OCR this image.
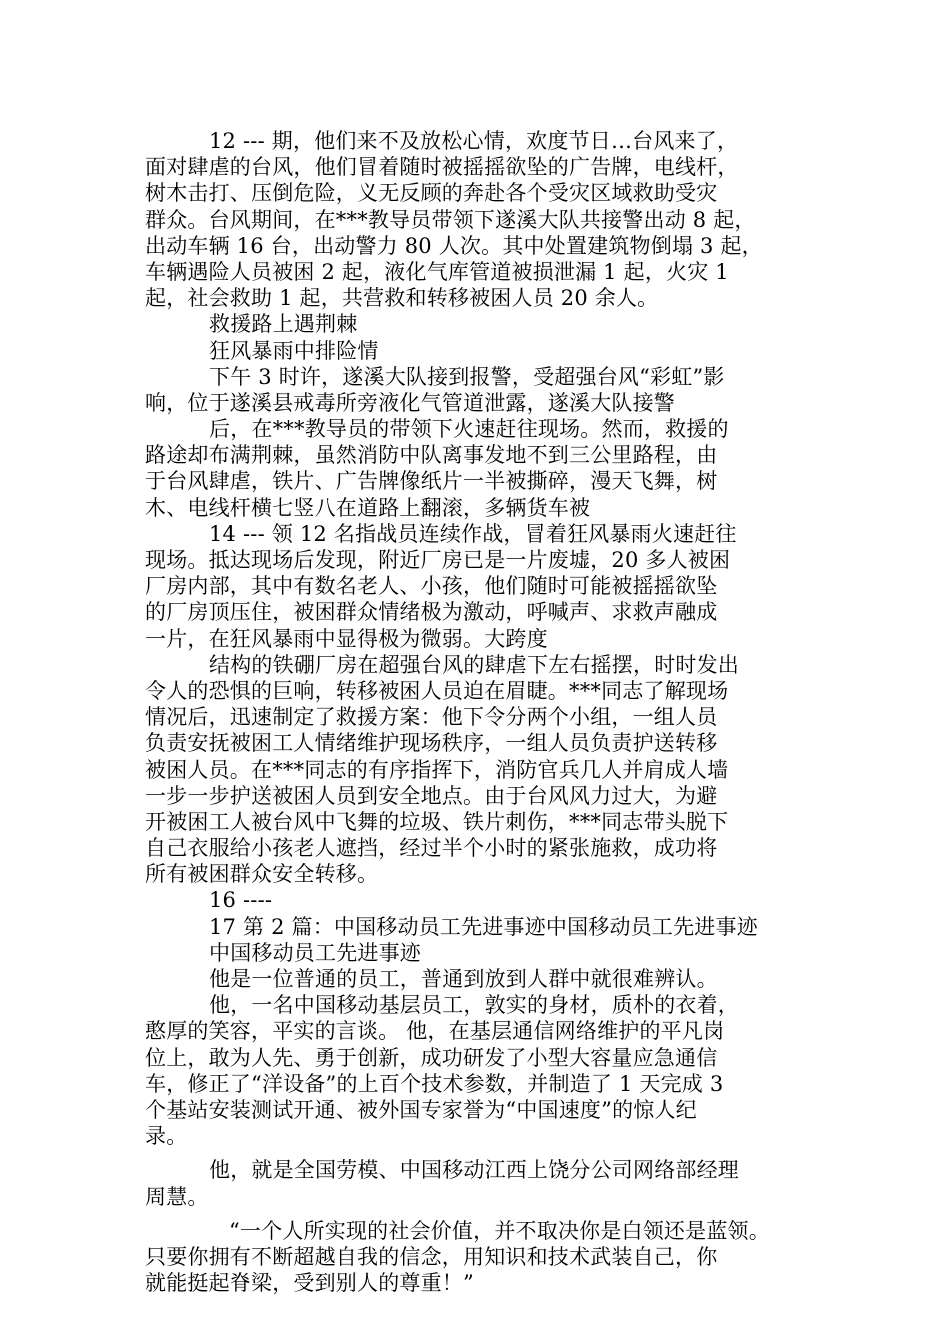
12 --- 期，他们来不及放松心情，欢度节日…台风来了，
面对肆虐的台风，他们冒着随时被摇摇欲坠的广告牌，电线杆，
树木击打、压倒危险，义无反顾的奔赴各个受灾区域救助受灾
群众。台风期间，在***教导员带领下遂溪大队共接警出动 8 起，
出动车辆 16 台，出动警力 80 人次。其中处置建筑物倒塌 3 起，
车辆遇险人员被困 2 起，液化气库管道被损泄漏 1 起，火灾 1
起，社会救助 1 起，共营救和转移被困人员 20 余人。
救援路上遇荆棘
狂风暴雨中排险情
下午 3 时许，遂溪大队接到报警，受超强台风“彩虹”影
响，位于遂溪县戒毒所旁液化气管道泄露，遂溪大队接警
后，在***教导员的带领下火速赶往现场。然而，救援的
路途却布满荆棘，虽然消防中队离事发地不到三公里路程，由
于台风肆虐，铁片、广告牌像纸片一半被撕碎，漫天飞舞，树
木、电线杆横七竖八在道路上翻滚，多辆货车被
14 --- 领 12 名指战员连续作战，冒着狂风暴雨火速赶往
现场。抵达现场后发现，附近厂房已是一片废墟，20 多人被困
厂房内部，其中有数名老人、小孩，他们随时可能被摇摇欲坠
的厂房顶压住，被困群众情绪极为激动，呼喊声、求救声融成
一片，在狂风暴雨中显得极为微弱。大跨度
结构的铁硼厂房在超强台风的肆虐下左右摇摆，时时发出
令人的恐惧的巨响，转移被困人员迫在眉睫。***同志了解现场
情况后，迅速制定了救援方案：他下令分两个小组，一组人员
负责安抚被困工人情绪维护现场秩序，一组人员负责护送转移
被困人员。在***同志的有序指挥下，消防官兵几人并肩成人墙
一步一步护送被困人员到安全地点。由于台风风力过大，为避
开被困工人被台风中飞舞的垃圾、铁片刺伤，***同志带头脱下
自己衣服给小孩老人遮挡，经过半个小时的紧张施救，成功将
所有被困群众安全转移。
16 ----
17 第 2 篇：中国移动员工先进事迹中国移动员工先进事迹
中国移动员工先进事迹
他是一位普通的员工，普通到放到人群中就很难辨认。
他，一名中国移动基层员工，敦实的身材，质朴的衣着，
憨厚的笑容，平实的言谈。 他，在基层通信网络维护的平凡岗
位上，敢为人先、勇于创新，成功研发了小型大容量应急通信
车，修正了“洋设备”的上百个技术参数，并制造了 1 天完成 3
个基站安装测试开通、被外国专家誉为“中国速度”的惊人纪
录。
他，就是全国劳模、中国移动江西上饶分公司网络部经理
周慧。
“一个人所实现的社会价值，并不取决你是白领还是蓝领。
只要你拥有不断超越自我的信念，用知识和技术武装自己，你
就能挺起脊梁，受到别人的尊重！”
